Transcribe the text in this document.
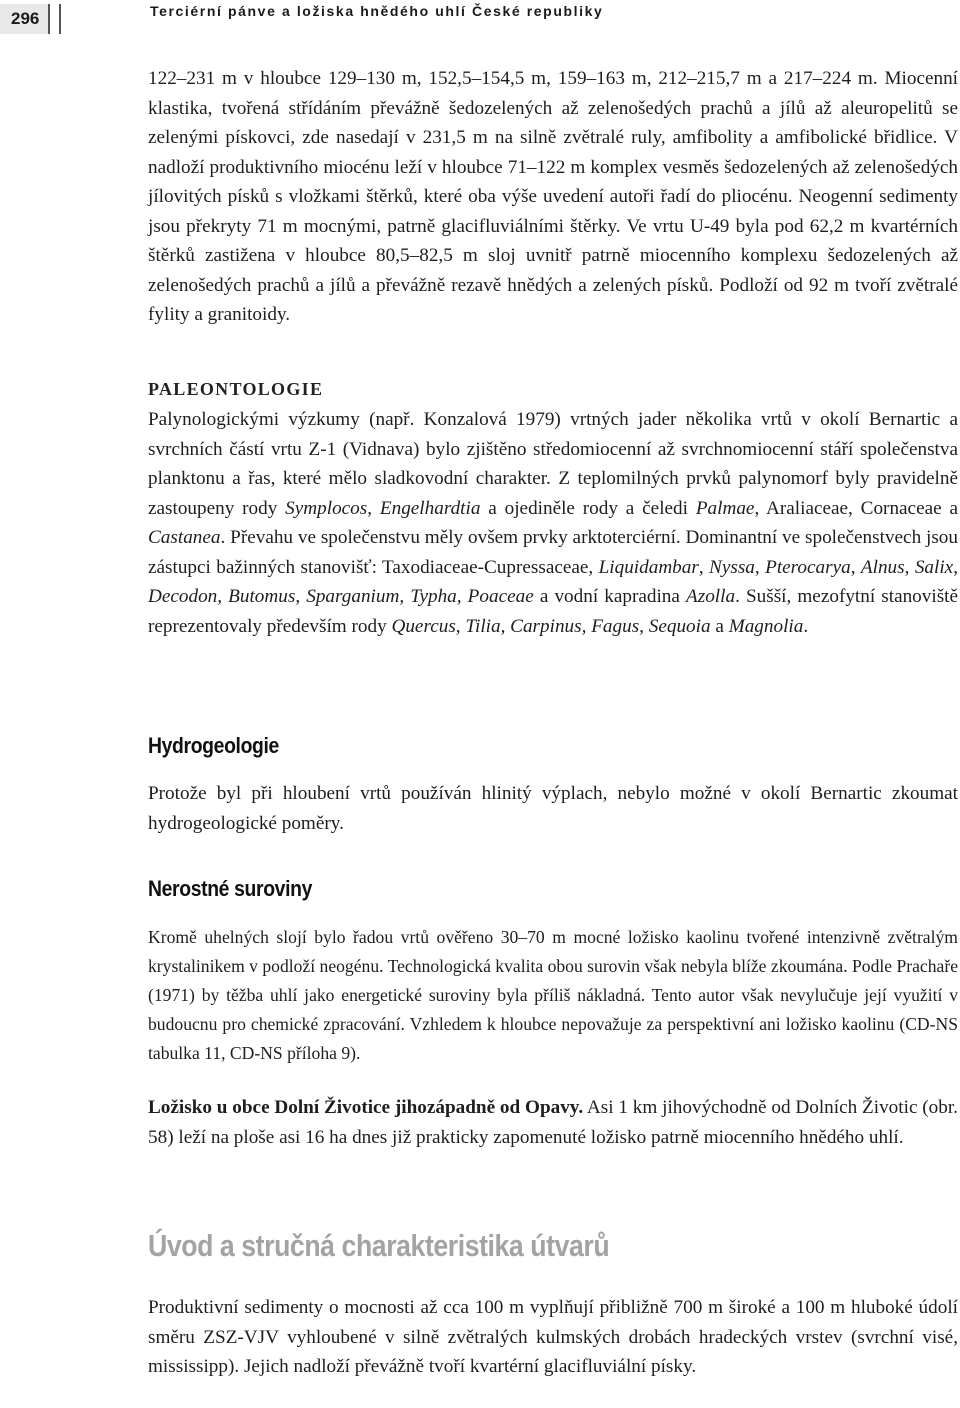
296	Terciérní pánve a ložiska hnědého uhlí České republiky

122–231 m v hloubce 129–130 m, 152,5–154,5 m, 159–163 m, 212–215,7 m a 217–224 m. Miocenní klastika, tvořená střídáním převážně šedozelených až zelenošedých prachů a jílů až aleuropelitů se zelenými pískovci, zde nasedají v 231,5 m na silně zvětralé ruly, amfibolity a amfibolické břidlice. V nadloží produktivního miocénu leží v hloubce 71–122 m komplex vesměs šedozelených až zelenošedých jílovitých písků s vložkami štěrků, které oba výše uvedení autoři řadí do pliocénu. Neogenní sedimenty jsou překryty 71 m mocnými, patrně glacifluviálními štěrky. Ve vrtu U-49 byla pod 62,2 m kvartérních štěrků zastižena v hloubce 80,5–82,5 m sloj uvnitř patrně miocenního komplexu šedozelených až zelenošedých prachů a jílů a převážně rezavě hnědých a zelených písků. Podloží od 92 m tvoří zvětralé fylity a granitoidy.

PALEONTOLOGIE

Palynologickými výzkumy (např. Konzalová 1979) vrtných jader několika vrtů v okolí Bernartic a svrchních částí vrtu Z-1 (Vidnava) bylo zjištěno středomiocenní až svrchnomiocenní stáří společenstva planktonu a řas, které mělo sladkovodní charakter. Z teplomilných prvků palynomorf byly pravidelně zastoupeny rody Symplocos, Engelhardtia a ojediněle rody a čeledi Palmae, Araliaceae, Cornaceae a Castanea. Převahu ve společenstvu měly ovšem prvky arktoterciérní. Dominantní ve společenstvech jsou zástupci bažinných stanovišť: Taxodiaceae-Cupressaceae, Liquidambar, Nyssa, Pterocarya, Alnus, Salix, Decodon, Butomus, Sparganium, Typha, Poaceae a vodní kapradina Azolla. Sušší, mezofytní stanoviště reprezentovaly především rody Quercus, Tilia, Carpinus, Fagus, Sequoia a Magnolia.

Hydrogeologie

Protože byl při hloubení vrtů používán hlinitý výplach, nebylo možné v okolí Bernartic zkoumat hydrogeologické poměry.

Nerostné suroviny

Kromě uhelných slojí bylo řadou vrtů ověřeno 30–70 m mocné ložisko kaolinu tvořené intenzivně zvětralým krystalinikem v podloží neogénu. Technologická kvalita obou surovin však nebyla blíže zkoumána. Podle Prachaře (1971) by těžba uhlí jako energetické suroviny byla příliš nákladná. Tento autor však nevylučuje její využití v budoucnu pro chemické zpracování. Vzhledem k hloubce nepovažuje za perspektivní ani ložisko kaolinu (CD-NS tabulka 11, CD-NS příloha 9).

Ložisko u obce Dolní Životice jihozápadně od Opavy. Asi 1 km jihovýchodně od Dolních Životic (obr. 58) leží na ploše asi 16 ha dnes již prakticky zapomenuté ložisko patrně miocenního hnědého uhlí.

Úvod a stručná charakteristika útvarů

Produktivní sedimenty o mocnosti až cca 100 m vyplňují přibližně 700 m široké a 100 m hluboké údolí směru ZSZ-VJV vyhloubené v silně zvětralých kulmských drobách hradeckých vrstev (svrchní visé, mississipp). Jejich nadloží převážně tvoří kvartérní glacifluviální písky.
